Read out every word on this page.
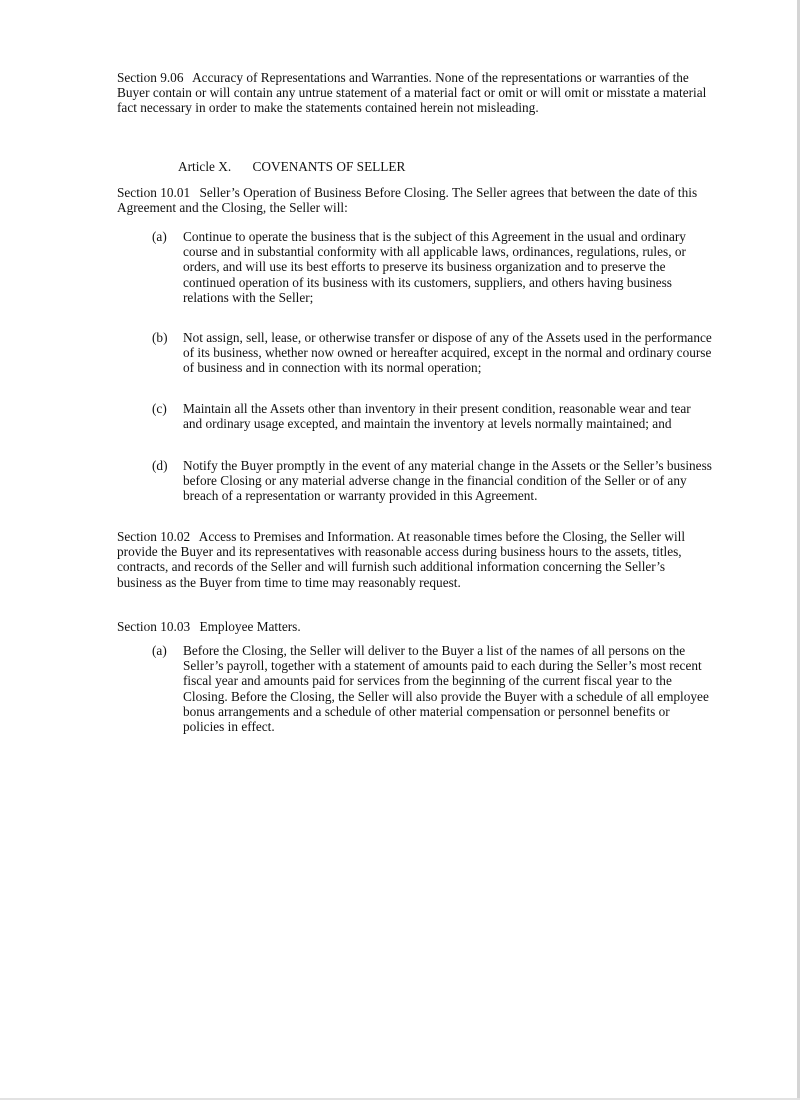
Section 9.06 Accuracy of Representations and Warranties. None of the representations or warranties of the Buyer contain or will contain any untrue statement of a material fact or omit or will omit or misstate a material fact necessary in order to make the statements contained herein not misleading.

Article X. COVENANTS OF SELLER

Section 10.01 Seller’s Operation of Business Before Closing. The Seller agrees that between the date of this Agreement and the Closing, the Seller will:

(a)	Continue to operate the business that is the subject of this Agreement in the usual and ordinary course and in substantial conformity with all applicable laws, ordinances, regulations, rules, or orders, and will use its best efforts to preserve its business organization and to preserve the continued operation of its business with its customers, suppliers, and others having business relations with the Seller;
(b)	Not assign, sell, lease, or otherwise transfer or dispose of any of the Assets used in the performance of its business, whether now owned or hereafter acquired, except in the normal and ordinary course of business and in connection with its normal operation;
(c)	Maintain all the Assets other than inventory in their present condition, reasonable wear and tear and ordinary usage excepted, and maintain the inventory at levels normally maintained; and
(d)	Notify the Buyer promptly in the event of any material change in the Assets or the Seller’s business before Closing or any material adverse change in the financial condition of the Seller or of any breach of a representation or warranty provided in this Agreement.

Section 10.02 Access to Premises and Information. At reasonable times before the Closing, the Seller will provide the Buyer and its representatives with reasonable access during business hours to the assets, titles, contracts, and records of the Seller and will furnish such additional information concerning the Seller’s business as the Buyer from time to time may reasonably request.

Section 10.03 Employee Matters.

(a)	Before the Closing, the Seller will deliver to the Buyer a list of the names of all persons on the Seller’s payroll, together with a statement of amounts paid to each during the Seller’s most recent fiscal year and amounts paid for services from the beginning of the current fiscal year to the Closing. Before the Closing, the Seller will also provide the Buyer with a schedule of all employee bonus arrangements and a schedule of other material compensation or personnel benefits or policies in effect.
